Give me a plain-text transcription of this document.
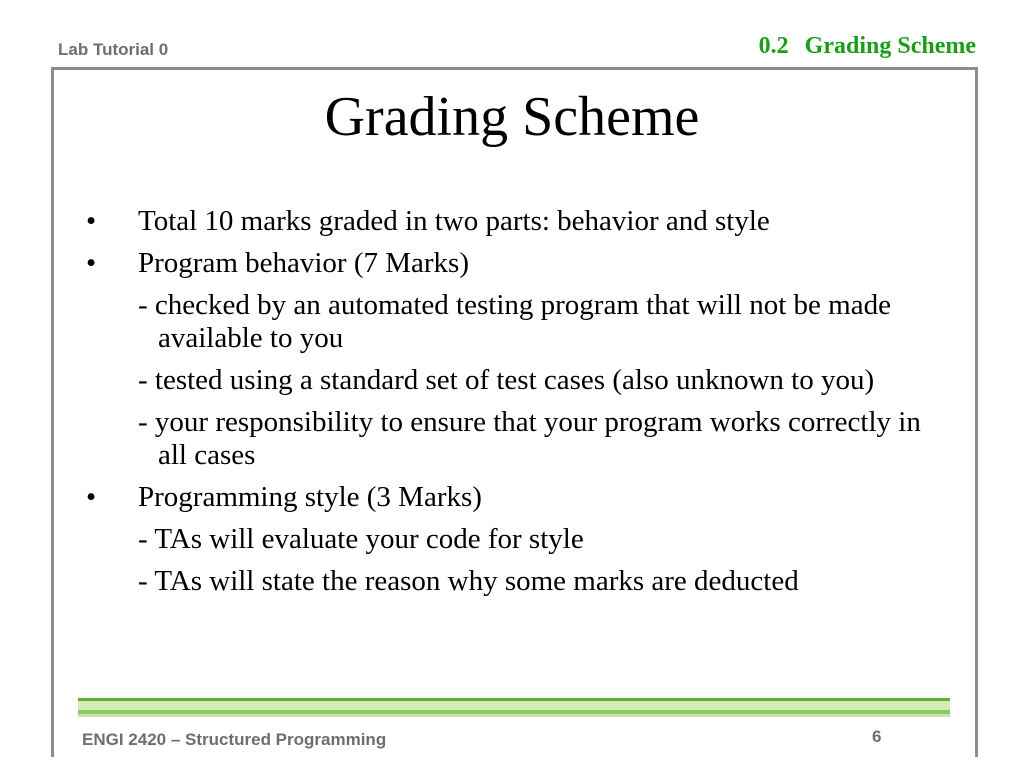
Lab Tutorial 0	0.2 Grading Scheme
Grading Scheme
• Total 10 marks graded in two parts: behavior and style
• Program behavior (7 Marks)
- checked by an automated testing program that will not be made available to you
- tested using a standard set of test cases (also unknown to you)
- your responsibility to ensure that your program works correctly in all cases
• Programming style (3 Marks)
- TAs will evaluate your code for style
- TAs will state the reason why some marks are deducted
ENGI 2420 – Structured Programming	6
